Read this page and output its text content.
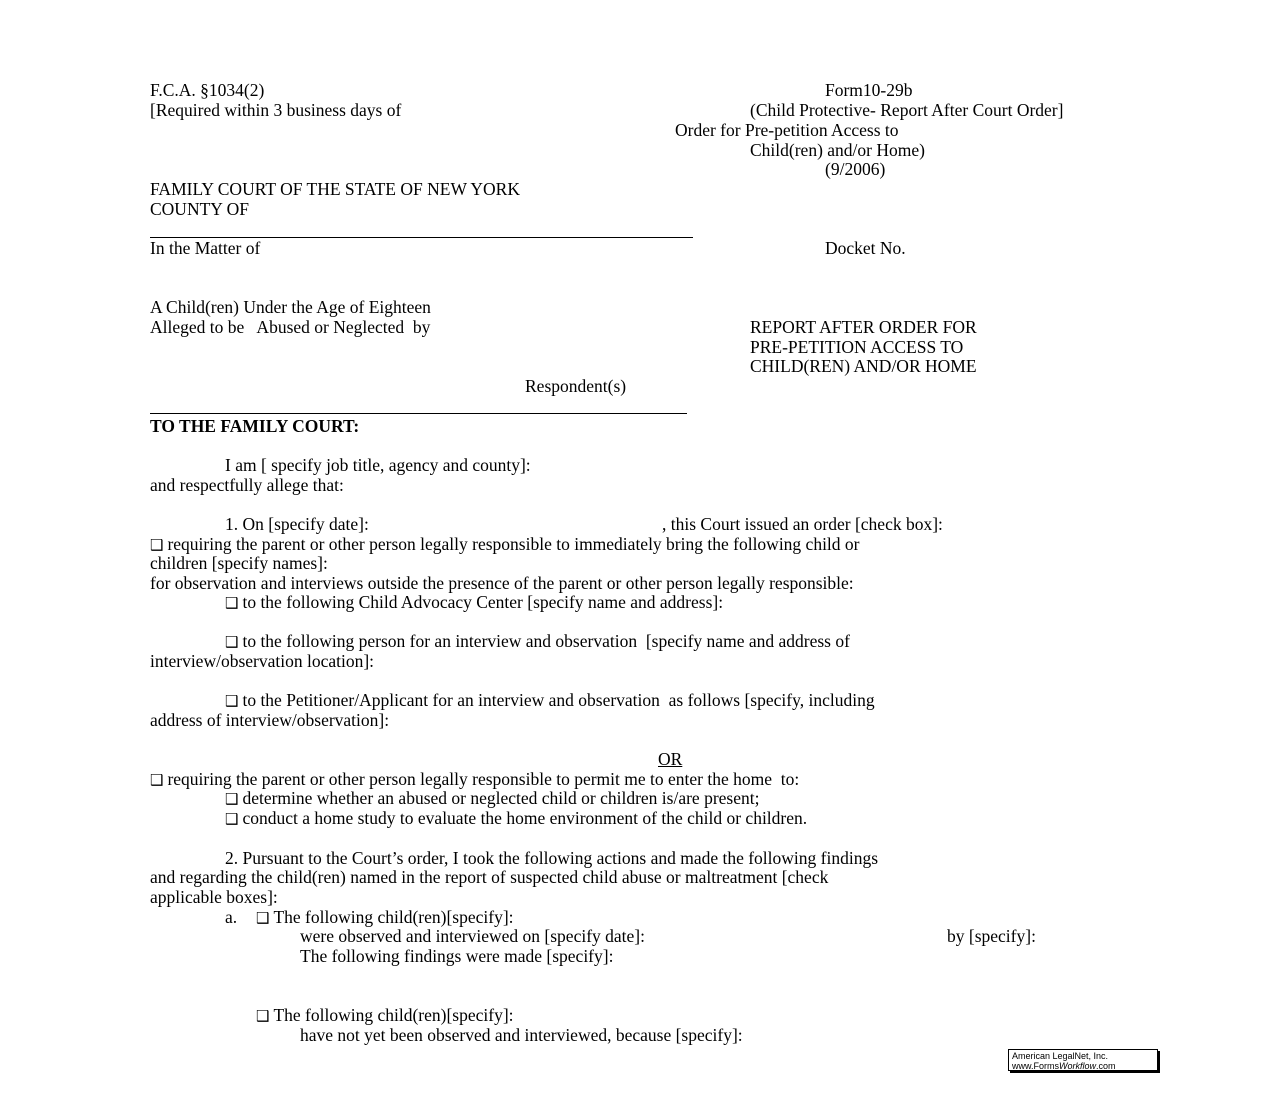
F.C.A. §1034(2)
[Required within 3 business days of
Form10-29b
(Child Protective- Report After Court Order]
Order for Pre-petition Access to
Child(ren) and/or Home)
(9/2006)
FAMILY COURT OF THE STATE OF NEW YORK
COUNTY OF
In the Matter of	Docket No.
A Child(ren) Under the Age of Eighteen
Alleged to be   Abused or Neglected  by	REPORT AFTER ORDER FOR
PRE-PETITION ACCESS TO
CHILD(REN) AND/OR HOME
Respondent(s)
TO THE FAMILY COURT:
I am [ specify job title, agency and county]:
and respectfully allege that:
1. On [specify date]:	, this Court issued an order [check box]:
❑ requiring the parent or other person legally responsible to immediately bring the following child or
children [specify names]:
for observation and interviews outside the presence of the parent or other person legally responsible:
❑ to the following Child Advocacy Center [specify name and address]:
❑ to the following person for an interview and observation  [specify name and address of
interview/observation location]:
❑ to the Petitioner/Applicant for an interview and observation  as follows [specify, including
address of interview/observation]:
OR
❑ requiring the parent or other person legally responsible to permit me to enter the home  to:
❑ determine whether an abused or neglected child or children is/are present;
❑ conduct a home study to evaluate the home environment of the child or children.
2. Pursuant to the Court’s order, I took the following actions and made the following findings
and regarding the child(ren) named in the report of suspected child abuse or maltreatment [check
applicable boxes]:
a. ❑ The following child(ren)[specify]:
were observed and interviewed on [specify date]:	by [specify]:
The following findings were made [specify]:
❑ The following child(ren)[specify]:
have not yet been observed and interviewed, because [specify]:
American LegalNet, Inc.
www.FormsWorkflow.com
